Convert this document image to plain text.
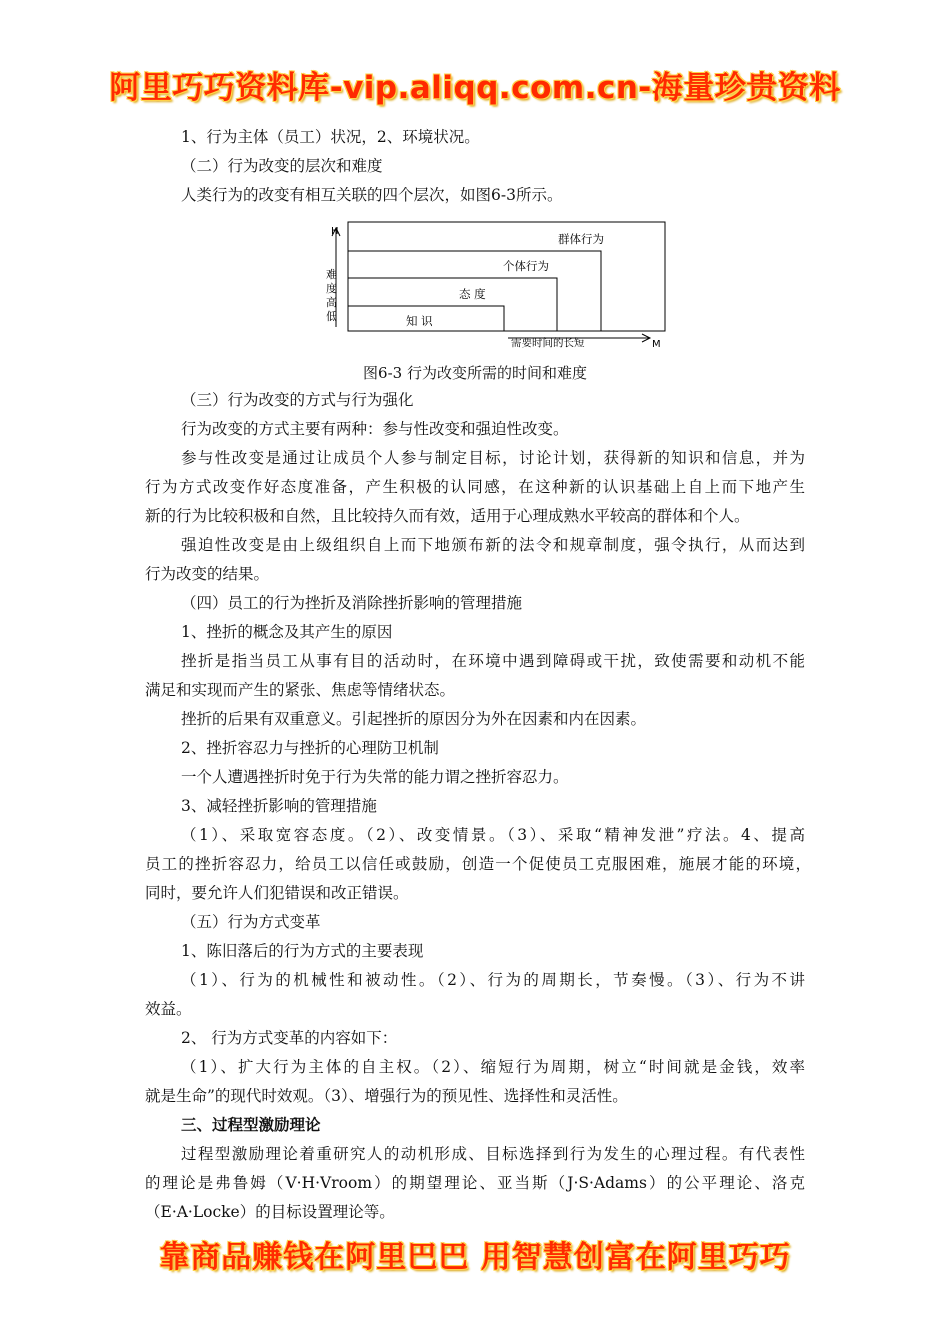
阿里巧巧资料库-vip.aliqq.com.cn-海量珍贵资料
1、行为主体（员工）状况，2、环境状况。
（二）行为改变的层次和难度
人类行为的改变有相互关联的四个层次，如图6-3所示。
H
难
度
高
低	知 识
态 度
个体行为
群体行为
需要时间的长短	M
图6-3 行为改变所需的时间和难度
（三）行为改变的方式与行为强化
行为改变的方式主要有两种：参与性改变和强迫性改变。
参与性改变是通过让成员个人参与制定目标，讨论计划，获得新的知识和信息，并为
行为方式改变作好态度准备，产生积极的认同感，在这种新的认识基础上自上而下地产生
新的行为比较积极和自然，且比较持久而有效，适用于心理成熟水平较高的群体和个人。
强迫性改变是由上级组织自上而下地颁布新的法令和规章制度，强令执行，从而达到
行为改变的结果。
（四）员工的行为挫折及消除挫折影响的管理措施
1、挫折的概念及其产生的原因
挫折是指当员工从事有目的活动时，在环境中遇到障碍或干扰，致使需要和动机不能
满足和实现而产生的紧张、焦虑等情绪状态。
挫折的后果有双重意义。引起挫折的原因分为外在因素和内在因素。
2、挫折容忍力与挫折的心理防卫机制
一个人遭遇挫折时免于行为失常的能力谓之挫折容忍力。
3、减轻挫折影响的管理措施
（1）、采取宽容态度。（2）、改变情景。（3）、采取“精神发泄”疗法。4、提高
员工的挫折容忍力，给员工以信任或鼓励，创造一个促使员工克服困难，施展才能的环境，
同时，要允许人们犯错误和改正错误。
（五）行为方式变革
1、陈旧落后的行为方式的主要表现
（1）、行为的机械性和被动性。（2）、行为的周期长，节奏慢。（3）、行为不讲
效益。
2、 行为方式变革的内容如下：
（1）、扩大行为主体的自主权。（2）、缩短行为周期，树立“时间就是金钱，效率
就是生命”的现代时效观。（3）、增强行为的预见性、选择性和灵活性。
三、过程型激励理论
过程型激励理论着重研究人的动机形成、目标选择到行为发生的心理过程。有代表性
的理论是弗鲁姆（V·H·Vroom）的期望理论、亚当斯（J·S·Adams）的公平理论、洛克
（E·A·Locke）的目标设置理论等。
靠商品赚钱在阿里巴巴 用智慧创富在阿里巧巧
